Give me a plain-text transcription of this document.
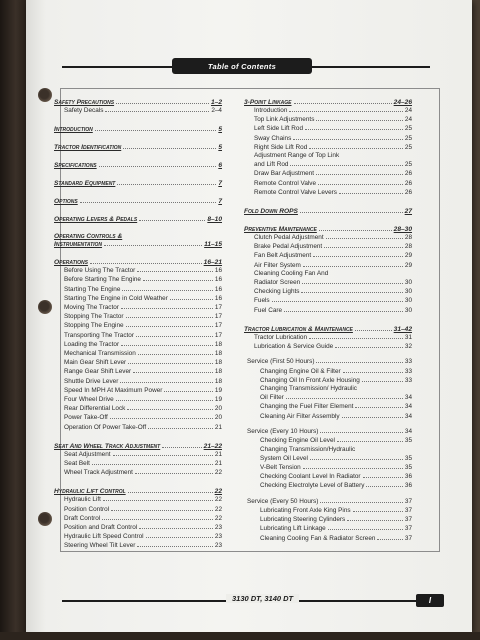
Table of Contents
Safety Precautions	1–2
Safety Decals	2–4
Introduction	5
Tractor Identification	5
Specifications	6
Standard Equipment	7
Options	7
Operating Levers & Pedals	8–10
Operating Controls &
Instrumentation	11–15
Operations	16–21
Before Using The Tractor	16
Before Starting The Engine	16
Starting The Engine	16
Starting The Engine in Cold Weather	16
Moving The Tractor	17
Stopping The Tractor	17
Stopping The Engine	17
Transporting The Tractor	17
Loading the Tractor	18
Mechanical Transmission	18
Main Gear Shift Lever	18
Range Gear Shift Lever	18
Shuttle Drive Lever	18
Speed In MPH At Maximum Power	19
Four Wheel Drive	19
Rear Differential Lock	20
Power Take-Off	20
Operation Of Power Take-Off	21
Seat And Wheel Track Adjustment	21–22
Seat Adjustment	21
Seat Belt	21
Wheel Track Adjustment	22
Hydraulic Lift Control	22
Hydraulic Lift	22
Position Control	22
Draft Control	22
Position and Draft Control	23
Hydraulic Lift Speed Control	23
Steering Wheel Tilt Lever	23
3-Point Linkage	24–26
Introduction	24
Top Link Adjustments	24
Left Side Lift Rod	25
Sway Chains	25
Right Side Lift Rod	25
Adjustment Range of Top Link
and Lift Rod	25
Draw Bar Adjustment	26
Remote Control Valve	26
Remote Control Valve Levers	26
Fold Down ROPS	27
Preventive Maintenance	28–30
Clutch Pedal Adjustment	28
Brake Pedal Adjustment	28
Fan Belt Adjustment	29
Air Filter System	29
Cleaning Cooling Fan And
Radiator Screen	30
Checking Lights	30
Fuels	30
Fuel Care	30
Tractor Lubrication & Maintenance	31–42
Tractor Lubrication	31
Lubrication & Service Guide	32
Service (First 50 Hours)	33
Changing Engine Oil & Filter	33
Changing Oil In Front Axle Housing	33
Changing Transmission/ Hydraulic
Oil Filter	34
Changing the Fuel Filter Element	34
Cleaning Air Filter Assembly	34
Service (Every 10 Hours)	34
Checking Engine Oil Level	35
Changing Transmission/Hydraulic
System Oil Level	35
V-Belt Tension	35
Checking Coolant Level In Radiator	36
Checking Electrolyte Level of Battery	36
Service (Every 50 Hours)	37
Lubricating Front Axle King Pins	37
Lubricating Steering Cylinders	37
Lubricating Lift Linkage	37
Cleaning Cooling Fan & Radiator Screen	37
3130 DT, 3140 DT	I
